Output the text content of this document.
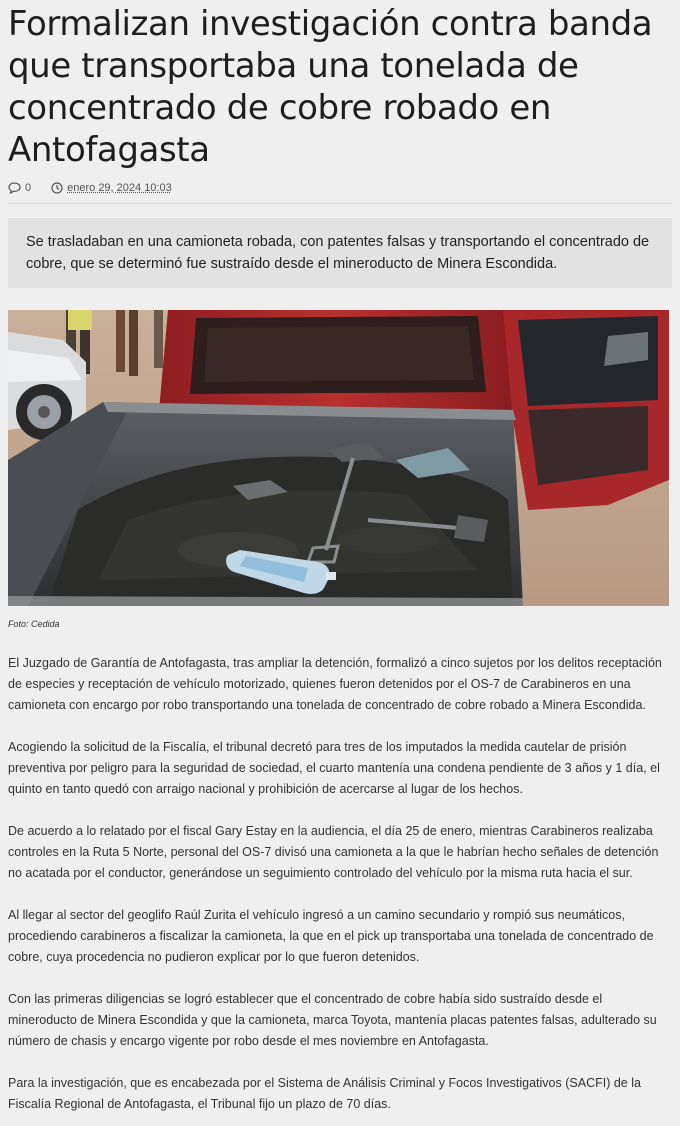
Formalizan investigación contra banda que transportaba una tonelada de concentrado de cobre robado en Antofagasta
0	enero 29, 2024 10:03
Se trasladaban en una camioneta robada, con patentes falsas y transportando el concentrado de cobre, que se determinó fue sustraído desde el mineroducto de Minera Escondida.
Foto: Cedida

El Juzgado de Garantía de Antofagasta, tras ampliar la detención, formalizó a cinco sujetos por los delitos receptación de especies y receptación de vehículo motorizado, quienes fueron detenidos por el OS-7 de Carabineros en una camioneta con encargo por robo transportando una tonelada de concentrado de cobre robado a Minera Escondida.

Acogiendo la solicitud de la Fiscalía, el tribunal decretó para tres de los imputados la medida cautelar de prisión preventiva por peligro para la seguridad de sociedad, el cuarto mantenía una condena pendiente de 3 años y 1 día, el quinto en tanto quedó con arraigo nacional y prohibición de acercarse al lugar de los hechos.

De acuerdo a lo relatado por el fiscal Gary Estay en la audiencia, el día 25 de enero, mientras Carabineros realizaba controles en la Ruta 5 Norte, personal del OS-7 divisó una camioneta a la que le habrían hecho señales de detención no acatada por el conductor, generándose un seguimiento controlado del vehículo por la misma ruta hacia el sur.

Al llegar al sector del geoglifo Raúl Zurita el vehículo ingresó a un camino secundario y rompió sus neumáticos, procediendo carabineros a fiscalizar la camioneta, la que en el pick up transportaba una tonelada de concentrado de cobre, cuya procedencia no pudieron explicar por lo que fueron detenidos.

Con las primeras diligencias se logró establecer que el concentrado de cobre había sido sustraído desde el mineroducto de Minera Escondida y que la camioneta, marca Toyota, mantenía placas patentes falsas, adulterado su número de chasis y encargo vigente por robo desde el mes noviembre en Antofagasta.

Para la investigación, que es encabezada por el Sistema de Análisis Criminal y Focos Investigativos (SACFI) de la Fiscalía Regional de Antofagasta, el Tribunal fijo un plazo de 70 días.
